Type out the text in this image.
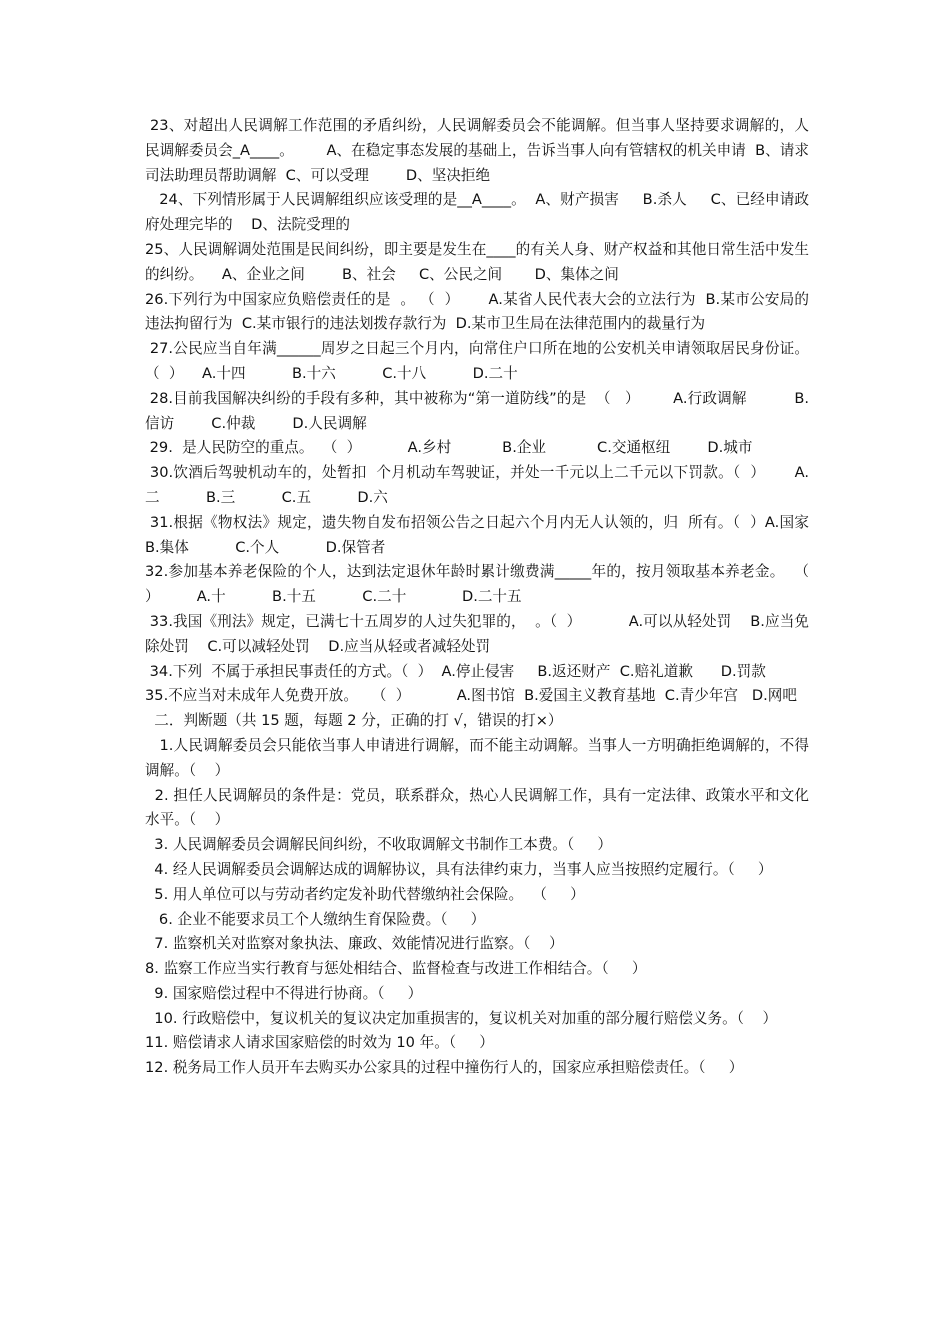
23、对超出人民调解工作范围的矛盾纠纷，人民调解委员会不能调解。但当事人坚持要求调解的，人民调解委员会_A____。       A、在稳定事态发展的基础上，告诉当事人向有管辖权的机关申请  B、请求司法助理员帮助调解  C、可以受理        D、坚决拒绝

24、下列情形属于人民调解组织应该受理的是__A____。  A、财产损害     B.杀人     C、已经申请政府处理完毕的    D、法院受理的

25、人民调解调处范围是民间纠纷，即主要是发生在____的有关人身、财产权益和其他日常生活中发生的纠纷。    A、企业之间        B、社会     C、公民之间       D、集体之间

26.下列行为中国家应负赔偿责任的是  。 （  ）      A.某省人民代表大会的立法行为  B.某市公安局的违法拘留行为  C.某市银行的违法划拨存款行为  D.某市卫生局在法律范围内的裁量行为

27.公民应当自年满______周岁之日起三个月内，向常住户口所在地的公安机关申请领取居民身份证。  （  ）    A.十四          B.十六          C.十八          D.二十

28.目前我国解决纠纷的手段有多种，其中被称为“第一道防线”的是  （   ）       A.行政调解          B.信访        C.仲裁        D.人民调解

29.  是人民防空的重点。  （  ）          A.乡村           B.企业           C.交通枢纽        D.城市

30.饮酒后驾驶机动车的，处暂扣  个月机动车驾驶证，并处一千元以上二千元以下罚款。（  ）      A.二          B.三          C.五          D.六

31.根据《物权法》规定，遗失物自发布招领公告之日起六个月内无人认领的，归  所有。（  ）A.国家          B.集体          C.个人          D.保管者

32.参加基本养老保险的个人，达到法定退休年龄时累计缴费满_____年的，按月领取基本养老金。  （  ）        A.十          B.十五          C.二十            D.二十五

33.我国《刑法》规定，已满七十五周岁的人过失犯罪的，  。（  ）          A.可以从轻处罚    B.应当免除处罚    C.可以减轻处罚    D.应当从轻或者减轻处罚

34.下列  不属于承担民事责任的方式。（  ）  A.停止侵害     B.返还财产  C.赔礼道歉      D.罚款

35.不应当对未成年人免费开放。   （  ）          A.图书馆  B.爱国主义教育基地  C.青少年宫   D.网吧

二．判断题（共 15 题，每题 2 分，正确的打 √，错误的打×）

1.人民调解委员会只能依当事人申请进行调解，而不能主动调解。当事人一方明确拒绝调解的，不得调解。（    ）

2. 担任人民调解员的条件是：党员，联系群众，热心人民调解工作，具有一定法律、政策水平和文化水平。（    ）

3. 人民调解委员会调解民间纠纷，不收取调解文书制作工本费。（     ）

4. 经人民调解委员会调解达成的调解协议，具有法律约束力，当事人应当按照约定履行。（     ）

5. 用人单位可以与劳动者约定发补助代替缴纳社会保险。  （     ）

6. 企业不能要求员工个人缴纳生育保险费。（     ）

7. 监察机关对监察对象执法、廉政、效能情况进行监察。（    ）

8. 监察工作应当实行教育与惩处相结合、监督检查与改进工作相结合。（     ）

9. 国家赔偿过程中不得进行协商。（     ）

10. 行政赔偿中，复议机关的复议决定加重损害的，复议机关对加重的部分履行赔偿义务。（    ）

11. 赔偿请求人请求国家赔偿的时效为 10 年。（     ）

12. 税务局工作人员开车去购买办公家具的过程中撞伤行人的，国家应承担赔偿责任。（     ）
